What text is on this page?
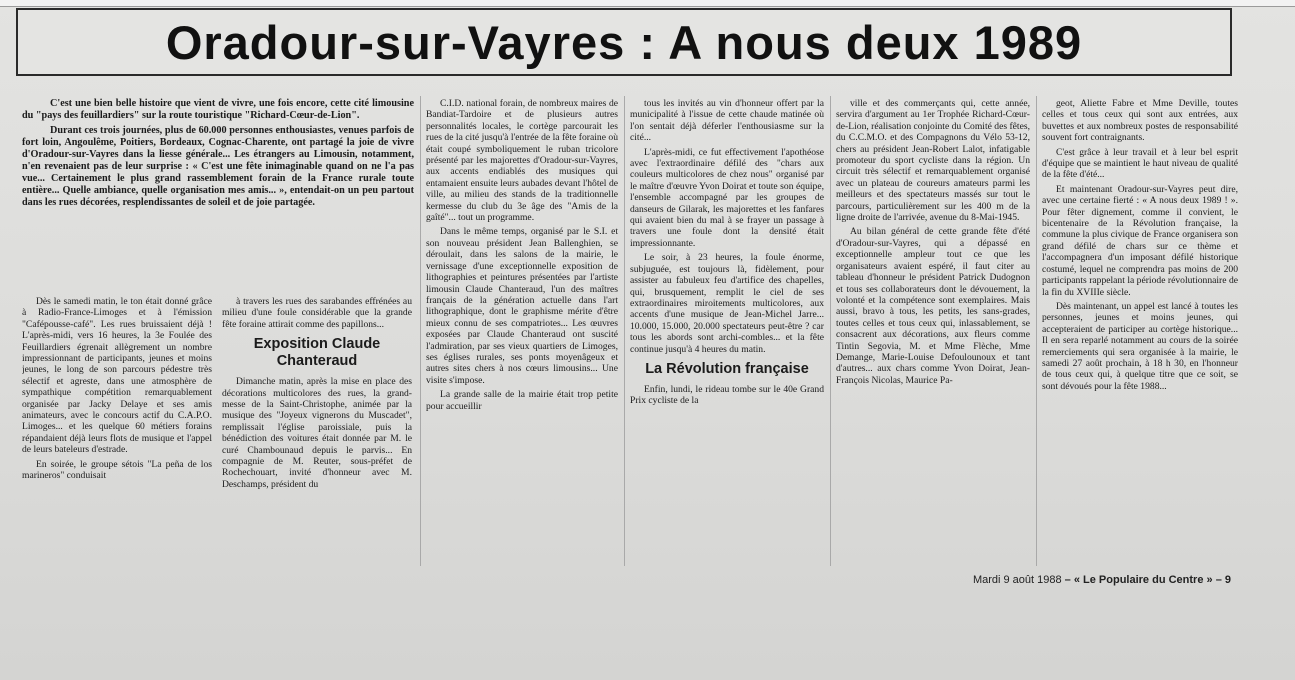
Oradour-sur-Vayres : A nous deux 1989

C'est une bien belle histoire que vient de vivre, une fois encore, cette cité limousine du "pays des feuillardiers" sur la route touristique "Richard-Cœur-de-Lion".

Durant ces trois journées, plus de 60.000 personnes enthousiastes, venues parfois de fort loin, Angoulême, Poitiers, Bordeaux, Cognac-Charente, ont partagé la joie de vivre d'Oradour-sur-Vayres dans la liesse générale... Les étrangers au Limousin, notamment, n'en revenaient pas de leur surprise : « C'est une fête inimaginable quand on ne l'a pas vue... Certainement le plus grand rassemblement forain de la France rurale toute entière... Quelle ambiance, quelle organisation mes amis... », entendait-on un peu partout dans les rues décorées, resplendissantes de soleil et de joie partagée.

Dès le samedi matin, le ton était donné grâce à Radio-France-Limoges et à l'émission "Cafépousse-café". Les rues bruissaient déjà ! L'après-midi, vers 16 heures, la 3e Foulée des Feuillardiers égrenait allègrement un nombre impressionnant de participants, jeunes et moins jeunes, le long de son parcours pédestre très sélectif et agreste, dans une atmosphère de sympathique compétition remarquablement organisée par Jacky Delaye et ses amis animateurs, avec le concours actif du C.A.P.O. Limoges... et les quelque 60 métiers forains répandaient déjà leurs flots de musique et l'appel de leurs bateleurs d'estrade.

En soirée, le groupe sétois "La peña de los marineros" conduisait

à travers les rues des sarabandes effrénées au milieu d'une foule considérable que la grande fête foraine attirait comme des papillons...

Exposition Claude Chanteraud

Dimanche matin, après la mise en place des décorations multicolores des rues, la grand-messe de la Saint-Christophe, animée par la musique des "Joyeux vignerons du Muscadet", remplissait l'église paroissiale, puis la bénédiction des voitures était donnée par M. le curé Chambounaud depuis le parvis... En compagnie de M. Reuter, sous-préfet de Rochechouart, invité d'honneur avec M. Deschamps, président du

C.I.D. national forain, de nombreux maires de Bandiat-Tardoire et de plusieurs autres personnalités locales, le cortège parcourait les rues de la cité jusqu'à l'entrée de la fête foraine où était coupé symboliquement le ruban tricolore présenté par les majorettes d'Oradour-sur-Vayres, aux accents endiablés des musiques qui entamaient ensuite leurs aubades devant l'hôtel de ville, au milieu des stands de la traditionnelle kermesse du club du 3e âge des "Amis de la gaîté"... tout un programme.

Dans le même temps, organisé par le S.I. et son nouveau président Jean Ballenghien, se déroulait, dans les salons de la mairie, le vernissage d'une exceptionnelle exposition de lithographies et peintures présentées par l'artiste limousin Claude Chanteraud, l'un des maîtres français de la génération actuelle dans l'art lithographique, dont le graphisme mérite d'être mieux connu de ses compatriotes... Les œuvres exposées par Claude Chanteraud ont suscité l'admiration, par ses vieux quartiers de Limoges, ses églises rurales, ses ponts moyenâgeux et autres sites chers à nos cœurs limousins... Une visite s'impose.

La grande salle de la mairie était trop petite pour accueillir

tous les invités au vin d'honneur offert par la municipalité à l'issue de cette chaude matinée où l'on sentait déjà déferler l'enthousiasme sur la cité...

L'après-midi, ce fut effectivement l'apothéose avec l'extraordinaire défilé des "chars aux couleurs multicolores de chez nous" organisé par le maître d'œuvre Yvon Doirat et toute son équipe, l'ensemble accompagné par les groupes de danseurs de Gilarak, les majorettes et les fanfares qui avaient bien du mal à se frayer un passage à travers une foule dont la densité était impressionnante.

Le soir, à 23 heures, la foule énorme, subjuguée, est toujours là, fidèlement, pour assister au fabuleux feu d'artifice des chapelles, qui, brusquement, remplit le ciel de ses extraordinaires miroitements multicolores, aux accents d'une musique de Jean-Michel Jarre... 10.000, 15.000, 20.000 spectateurs peut-être ? car tous les abords sont archi-combles... et la fête continue jusqu'à 4 heures du matin.

La Révolution française

Enfin, lundi, le rideau tombe sur le 40e Grand Prix cycliste de la

ville et des commerçants qui, cette année, servira d'argument au 1er Trophée Richard-Cœur-de-Lion, réalisation conjointe du Comité des fêtes, du C.C.M.O. et des Compagnons du Vélo 53-12, chers au président Jean-Robert Lalot, infatigable promoteur du sport cycliste dans la région. Un circuit très sélectif et remarquablement organisé avec un plateau de coureurs amateurs parmi les meilleurs et des spectateurs massés sur tout le parcours, particulièrement sur les 400 m de la ligne droite de l'arrivée, avenue du 8-Mai-1945.

Au bilan général de cette grande fête d'été d'Oradour-sur-Vayres, qui a dépassé en exceptionnelle ampleur tout ce que les organisateurs avaient espéré, il faut citer au tableau d'honneur le président Patrick Dudognon et tous ses collaborateurs dont le dévouement, la volonté et la compétence sont exemplaires. Mais aussi, bravo à tous, les petits, les sans-grades, toutes celles et tous ceux qui, inlassablement, se consacrent aux décorations, aux fleurs comme Tintin Segovia, M. et Mme Flèche, Mme Demange, Marie-Louise Defoulounoux et tant d'autres... aux chars comme Yvon Doirat, Jean-François Nicolas, Maurice Pa-

geot, Aliette Fabre et Mme Deville, toutes celles et tous ceux qui sont aux entrées, aux buvettes et aux nombreux postes de responsabilité souvent fort contraignants.

C'est grâce à leur travail et à leur bel esprit d'équipe que se maintient le haut niveau de qualité de la fête d'été...

Et maintenant Oradour-sur-Vayres peut dire, avec une certaine fierté : « A nous deux 1989 ! ». Pour fêter dignement, comme il convient, le bicentenaire de la Révolution française, la commune la plus civique de France organisera son grand défilé de chars sur ce thème et l'accompagnera d'un imposant défilé historique costumé, lequel ne comprendra pas moins de 200 participants rappelant la période révolutionnaire de la fin du XVIIIe siècle.

Dès maintenant, un appel est lancé à toutes les personnes, jeunes et moins jeunes, qui accepteraient de participer au cortège historique... Il en sera reparlé notamment au cours de la soirée remerciements qui sera organisée à la mairie, le samedi 27 août prochain, à 18 h 30, en l'honneur de tous ceux qui, à quelque titre que ce soit, se sont dévoués pour la fête 1988...

Mardi 9 août 1988 – « Le Populaire du Centre » – 9
